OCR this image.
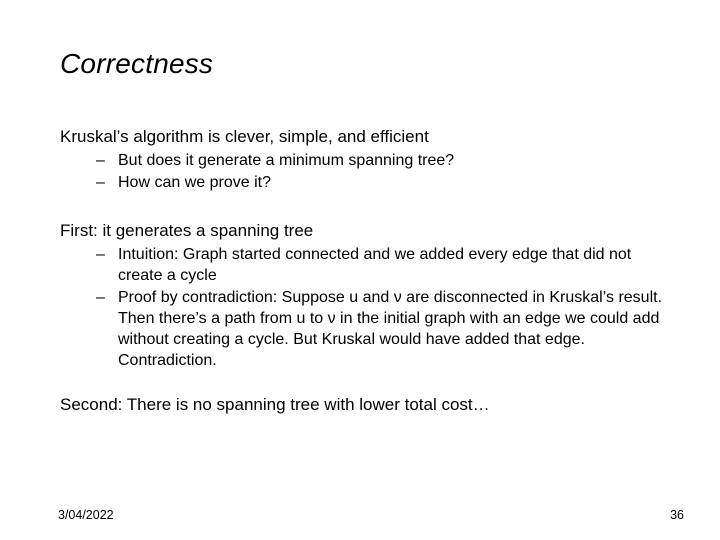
Correctness

Kruskal’s algorithm is clever, simple, and efficient

– But does it generate a minimum spanning tree?

– How can we prove it?

First: it generates a spanning tree

– Intuition: Graph started connected and we added every edge that did not create a cycle

– Proof by contradiction: Suppose u and ν are disconnected in Kruskal’s result. Then there’s a path from u to ν in the initial graph with an edge we could add without creating a cycle. But Kruskal would have added that edge. Contradiction.

Second: There is no spanning tree with lower total cost…

3/04/2022	36
